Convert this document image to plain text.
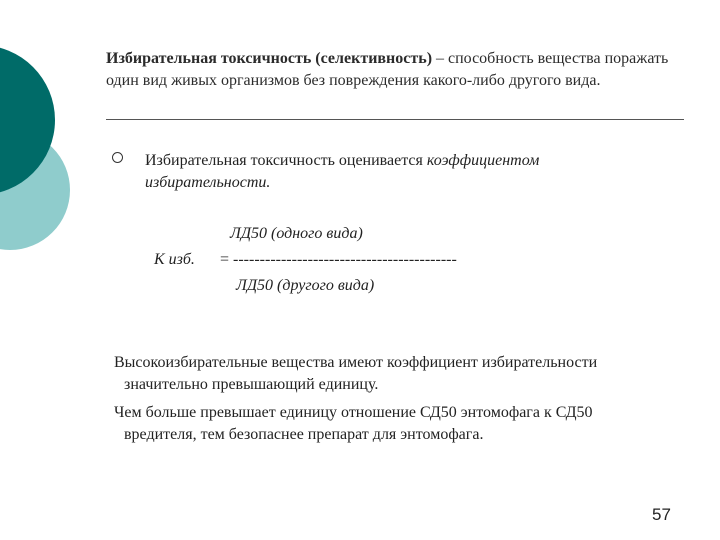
Избирательная токсичность (селективность) – способность вещества поражать один вид живых организмов без повреждения какого-либо другого вида.
Избирательная токсичность оценивается коэффициентом избирательности.
ЛД50 (одного вида)
К изб. = ------------------------------------------
ЛД50 (другого вида)
Высокоизбирательные вещества имеют коэффициент избирательности
значительно превышающий единицу.
Чем больше превышает единицу отношение СД50 энтомофага к СД50
вредителя, тем безопаснее препарат для энтомофага.
57
